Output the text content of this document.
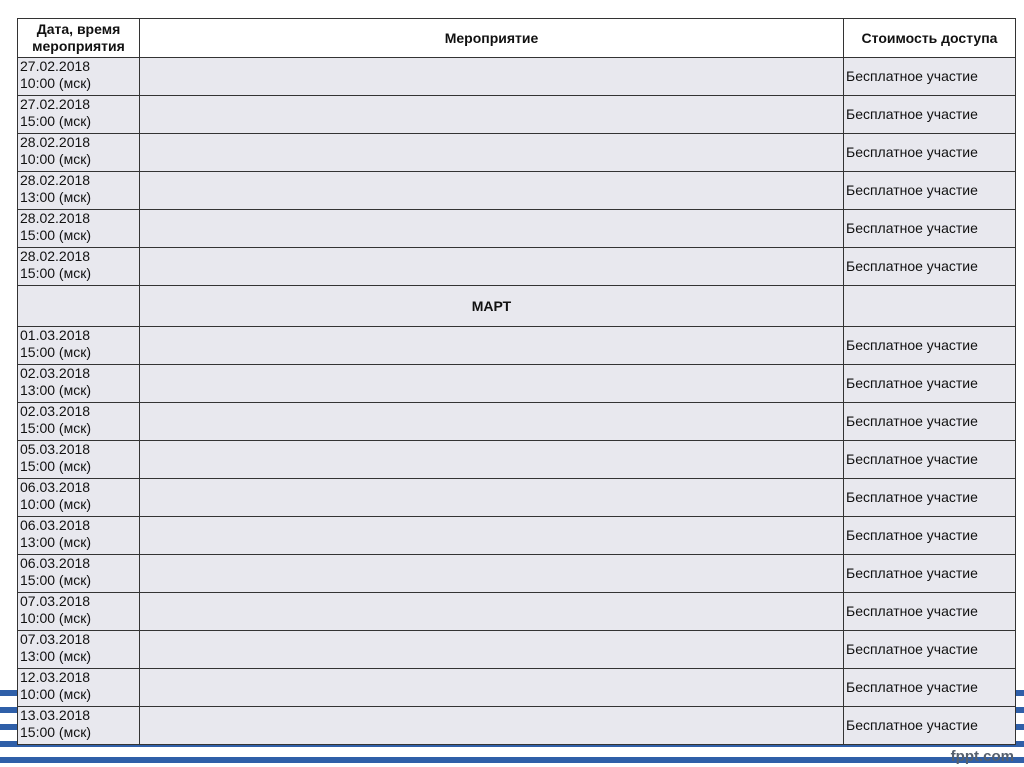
fppt.com
Дата, время мероприятия	Мероприятие	Стоимость доступа
27.02.2018
10:00 (мск)		Бесплатное участие
27.02.2018
15:00 (мск)		Бесплатное участие
28.02.2018
10:00 (мск)		Бесплатное участие
28.02.2018
13:00 (мск)		Бесплатное участие
28.02.2018
15:00 (мск)		Бесплатное участие
28.02.2018
15:00 (мск)		Бесплатное участие
	МАРТ	
01.03.2018
15:00 (мск)		Бесплатное участие
02.03.2018
13:00 (мск)		Бесплатное участие
02.03.2018
15:00 (мск)		Бесплатное участие
05.03.2018
15:00 (мск)		Бесплатное участие
06.03.2018
10:00 (мск)		Бесплатное участие
06.03.2018
13:00 (мск)		Бесплатное участие
06.03.2018
15:00 (мск)		Бесплатное участие
07.03.2018
10:00 (мск)		Бесплатное участие
07.03.2018
13:00 (мск)		Бесплатное участие
12.03.2018
10:00 (мск)		Бесплатное участие
13.03.2018
15:00 (мск)		Бесплатное участие
